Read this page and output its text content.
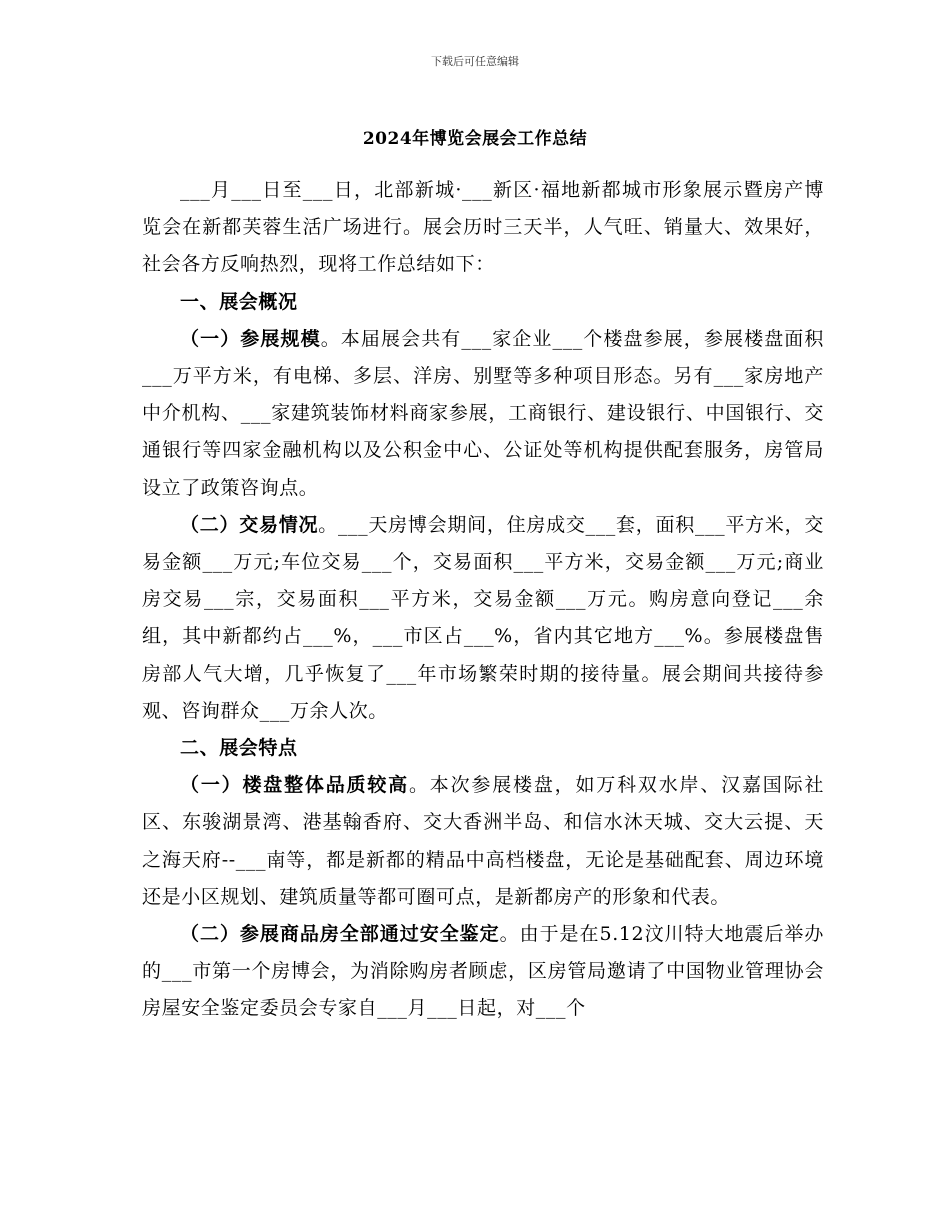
下载后可任意编辑
2024年博览会展会工作总结

___月___日至___日，北部新城·___新区·福地新都城市形象展示暨房产博览会在新都芙蓉生活广场进行。展会历时三天半，人气旺、销量大、效果好，社会各方反响热烈，现将工作总结如下：

一、展会概况

（一）参展规模。本届展会共有___家企业___个楼盘参展，参展楼盘面积___万平方米，有电梯、多层、洋房、别墅等多种项目形态。另有___家房地产中介机构、___家建筑装饰材料商家参展，工商银行、建设银行、中国银行、交通银行等四家金融机构以及公积金中心、公证处等机构提供配套服务，房管局设立了政策咨询点。

（二）交易情况。___天房博会期间，住房成交___套，面积___平方米，交易金额___万元;车位交易___个，交易面积___平方米，交易金额___万元;商业房交易___宗，交易面积___平方米，交易金额___万元。购房意向登记___余组，其中新都约占___%，___市区占___%，省内其它地方___%。参展楼盘售房部人气大增，几乎恢复了___年市场繁荣时期的接待量。展会期间共接待参观、咨询群众___万余人次。

二、展会特点

（一）楼盘整体品质较高。本次参展楼盘，如万科双水岸、汉嘉国际社区、东骏湖景湾、港基翰香府、交大香洲半岛、和信水沐天城、交大云提、天之海天府--___南等，都是新都的精品中高档楼盘，无论是基础配套、周边环境还是小区规划、建筑质量等都可圈可点，是新都房产的形象和代表。

（二）参展商品房全部通过安全鉴定。由于是在5.12汶川特大地震后举办的___市第一个房博会，为消除购房者顾虑，区房管局邀请了中国物业管理协会房屋安全鉴定委员会专家自___月___日起，对___个
